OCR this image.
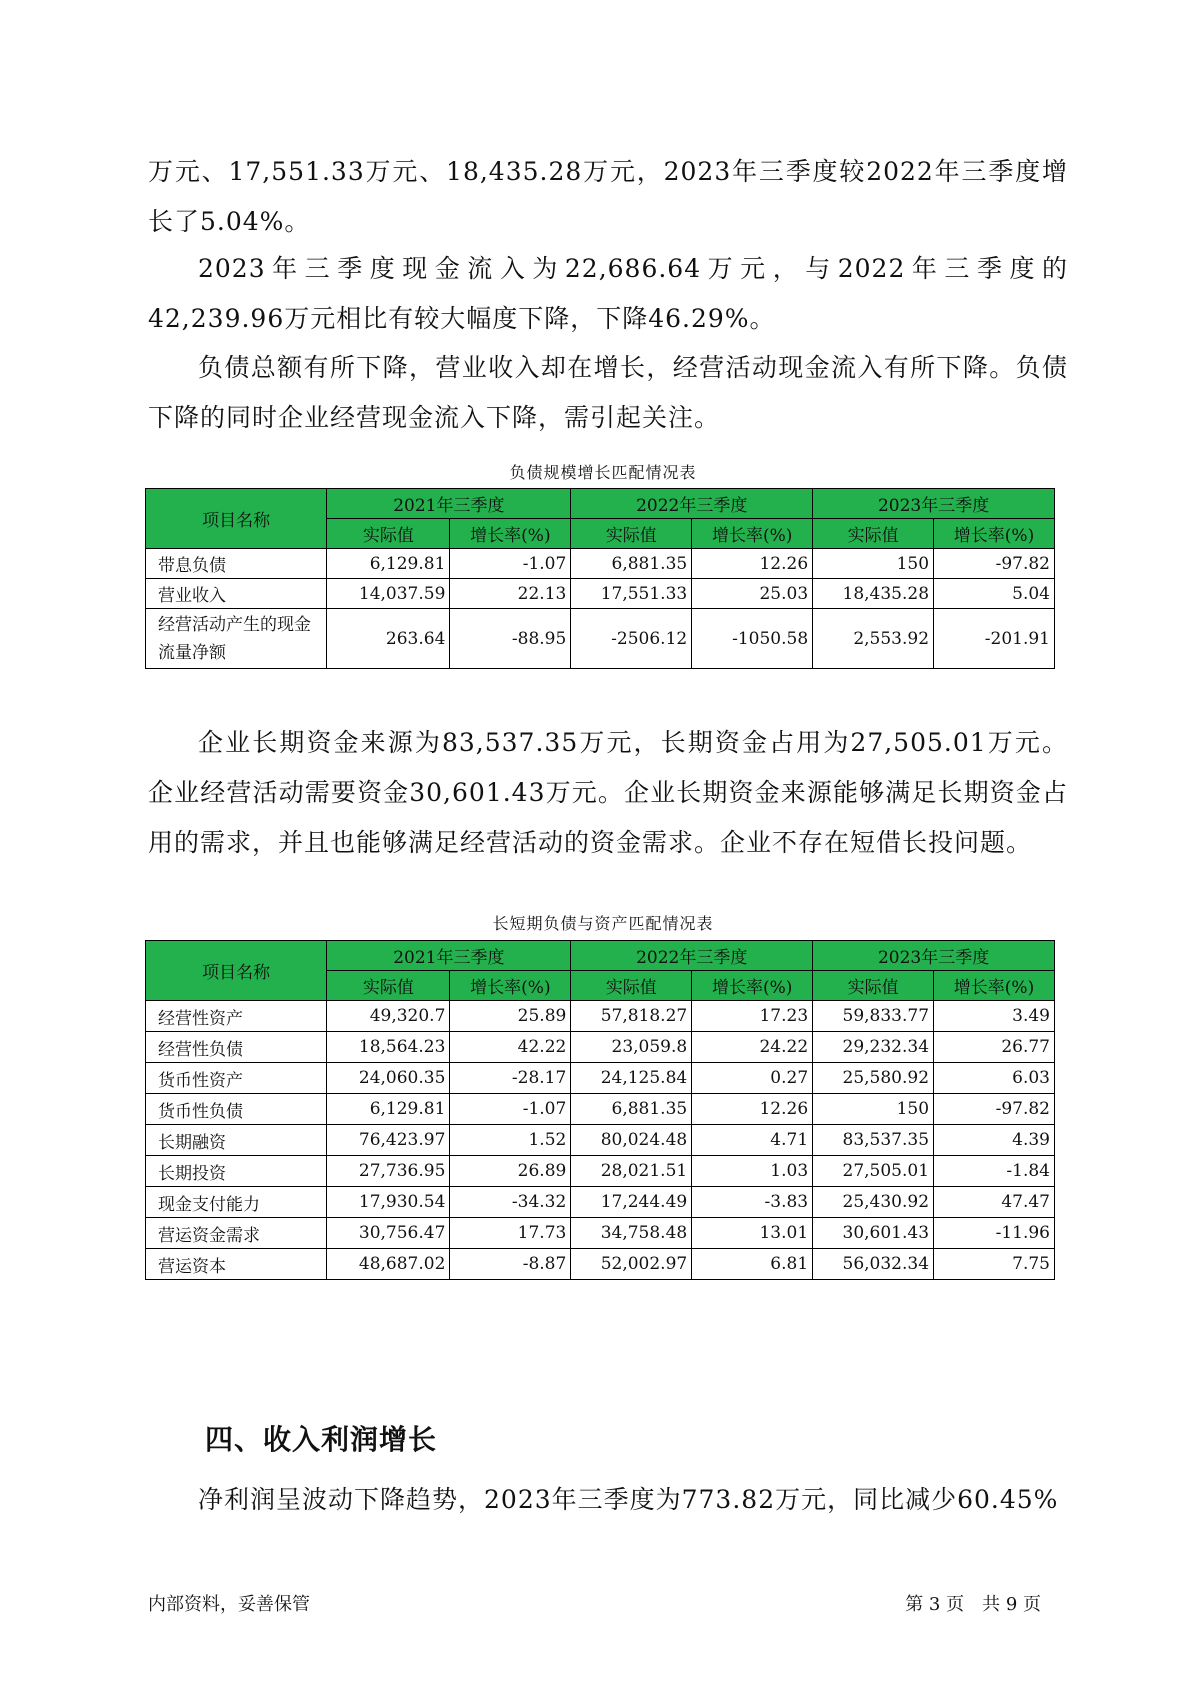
万元、17,551.33万元、18,435.28万元，2023年三季度较2022年三季度增长了5.04%。

2023年三季度现金流入为22,686.64万元，与2022年三季度的42,239.96万元相比有较大幅度下降，下降46.29%。

负债总额有所下降，营业收入却在增长，经营活动现金流入有所下降。负债下降的同时企业经营现金流入下降，需引起关注。

负债规模增长匹配情况表

项目名称	2021年三季度		2022年三季度		2023年三季度	
	实际值	增长率(%)	实际值	增长率(%)	实际值	增长率(%)
带息负债	6,129.81	-1.07	6,881.35	12.26	150	-97.82
营业收入	14,037.59	22.13	17,551.33	25.03	18,435.28	5.04
经营活动产生的现金流量净额	263.64	-88.95	-2506.12	-1050.58	2,553.92	-201.91

企业长期资金来源为83,537.35万元，长期资金占用为27,505.01万元。企业经营活动需要资金30,601.43万元。企业长期资金来源能够满足长期资金占用的需求，并且也能够满足经营活动的资金需求。企业不存在短借长投问题。

长短期负债与资产匹配情况表

项目名称	2021年三季度		2022年三季度		2023年三季度	
	实际值	增长率(%)	实际值	增长率(%)	实际值	增长率(%)
经营性资产	49,320.7	25.89	57,818.27	17.23	59,833.77	3.49
经营性负债	18,564.23	42.22	23,059.8	24.22	29,232.34	26.77
货币性资产	24,060.35	-28.17	24,125.84	0.27	25,580.92	6.03
货币性负债	6,129.81	-1.07	6,881.35	12.26	150	-97.82
长期融资	76,423.97	1.52	80,024.48	4.71	83,537.35	4.39
长期投资	27,736.95	26.89	28,021.51	1.03	27,505.01	-1.84
现金支付能力	17,930.54	-34.32	17,244.49	-3.83	25,430.92	47.47
营运资金需求	30,756.47	17.73	34,758.48	13.01	30,601.43	-11.96
营运资本	48,687.02	-8.87	52,002.97	6.81	56,032.34	7.75
四、收入利润增长

净利润呈波动下降趋势，2023年三季度为773.82万元，同比减少60.45%

内部资料，妥善保管	第 3 页　共 9 页
